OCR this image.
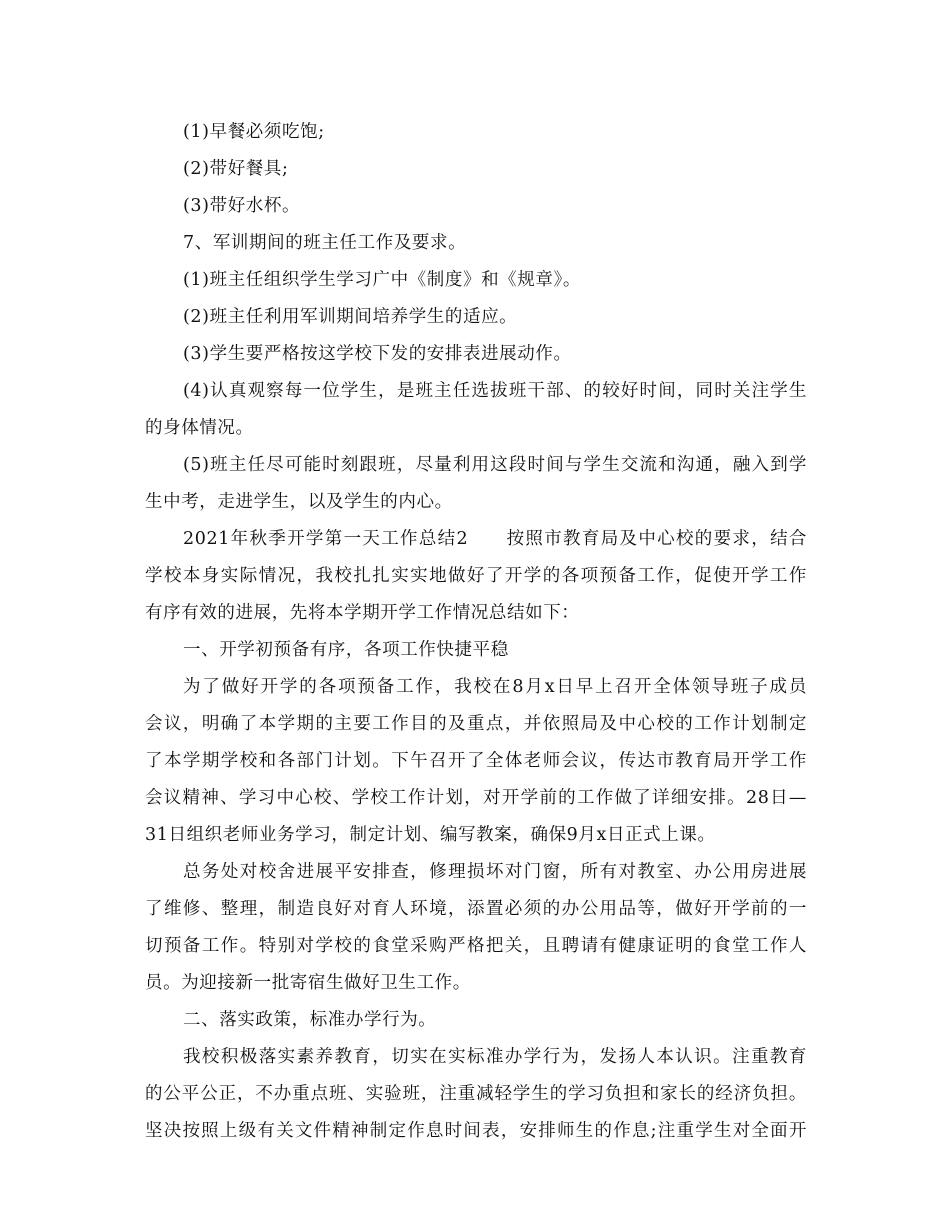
(1)早餐必须吃饱;

(2)带好餐具;

(3)带好水杯。

7、军训期间的班主任工作及要求。

(1)班主任组织学生学习广中《制度》和《规章》。

(2)班主任利用军训期间培养学生的适应。

(3)学生要严格按这学校下发的安排表进展动作。

(4)认真观察每一位学生，是班主任选拔班干部、的较好时间，同时关注学生

的身体情况。

(5)班主任尽可能时刻跟班，尽量利用这段时间与学生交流和沟通，融入到学

生中考，走进学生，以及学生的内心。

2021年秋季开学第一天工作总结2　　按照市教育局及中心校的要求，结合

学校本身实际情况，我校扎扎实实地做好了开学的各项预备工作，促使开学工作

有序有效的进展，先将本学期开学工作情况总结如下：

一、开学初预备有序，各项工作快捷平稳

为了做好开学的各项预备工作，我校在8月x日早上召开全体领导班子成员

会议，明确了本学期的主要工作目的及重点，并依照局及中心校的工作计划制定

了本学期学校和各部门计划。下午召开了全体老师会议，传达市教育局开学工作

会议精神、学习中心校、学校工作计划，对开学前的工作做了详细安排。28日—

31日组织老师业务学习，制定计划、编写教案，确保9月x日正式上课。

总务处对校舍进展平安排查，修理损坏对门窗，所有对教室、办公用房进展

了维修、整理，制造良好对育人环境，添置必须的办公用品等，做好开学前的一

切预备工作。特别对学校的食堂采购严格把关，且聘请有健康证明的食堂工作人

员。为迎接新一批寄宿生做好卫生工作。

二、落实政策，标准办学行为。

我校积极落实素养教育，切实在实标准办学行为，发扬人本认识。注重教育

的公平公正，不办重点班、实验班，注重减轻学生的学习负担和家长的经济负担。

坚决按照上级有关文件精神制定作息时间表，安排师生的作息;注重学生对全面开
